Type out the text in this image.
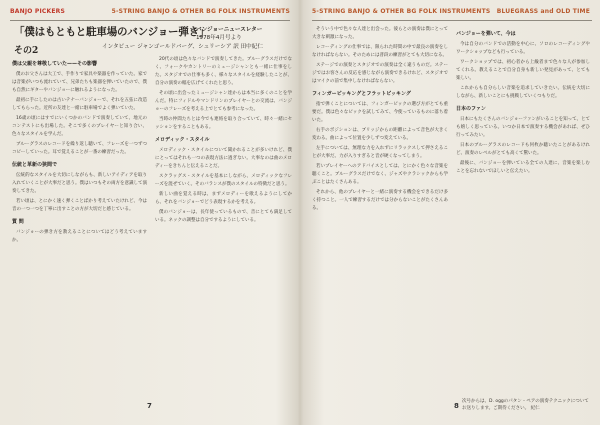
BANJO PICKERS	5-STRING BANJO & OTHER BG FOLK INSTRUMENTS
「僕はもともと駐車場のバンジョー弾き」
その2
バンジョーニュースレター
1978年4月号より
インタビュー ジャンゴールドバーグ、シュリーシア 訳 田中紀仁

僕は父親を尊敬していた——その影響

僕のお父さんは大工で、手作りで家具や楽器を作っていた。家では音楽がいつも流れていて、兄弟たちも楽器を弾いていたので、僕も自然にギターやバンジョーに触れるようになった。

最初に手にしたのは古いテナーバンジョーで、それを五弦に改造してもらった。近所の友達と一緒に駐車場でよく弾いていた。

16歳の頃にはすでにいくつかのバンドで演奏していて、地元のコンテストにも出場した。そこで多くのプレイヤーと知り合い、色々なスタイルを学んだ。

ブルーグラスのレコードを繰り返し聴いて、フレーズを一つずつコピーしていった。耳で覚えることが一番の練習だった。

伝統と革新の狭間で

伝統的なスタイルを大切にしながらも、新しいアイディアを取り入れていくことが大事だと思う。僕はいつもその両方を意識して演奏してきた。

若い頃は、とにかく速く弾くことばかり考えていたけれど、今は音の一つ一つを丁寧に出すことの方が大切だと感じている。

質 問

バンジョーの弾き方を教えることについてはどう考えていますか。

20代の頃は色々なバンドで演奏してきた。ブルーグラスだけでなく、フォークやカントリーのミュージシャンとも一緒に仕事をした。スタジオでの仕事も多く、様々なスタイルを経験したことが、自分の演奏の幅を広げてくれたと思う。

その頃に出会ったミュージシャン達からは本当に多くのことを学んだ。特にフィドルやマンドリンのプレイヤーとの交流は、バンジョーのフレーズを考える上でとても参考になった。

当時の仲間たちとは今でも連絡を取り合っていて、時々一緒にセッションをすることもある。

メロディック・スタイル

メロディック・スタイルについて聞かれることが多いけれど、僕にとってはそれも一つの表現方法に過ぎない。大事なのは曲のメロディーをきちんと伝えることだ。

スクラッグス・スタイルを基本にしながら、メロディックなフレーズを混ぜていく。そのバランスが僕のスタイルの特徴だと思う。

新しい曲を覚える時は、まずメロディーを歌えるようにしてから、それをバンジョーでどう表現するかを考える。

僕のバンジョーは、長年使っているもので、音にとても満足している。ネックの調整は自分でするようにしている。

7
5-STRING BANJO & OTHER BG FOLK INSTRUMENTS BLUEGRASS and OLD TIME

そういう中で色々な人達と出会った。彼らとの演奏は僕にとって大きな刺激になった。

レコーディングの仕事では、限られた時間の中で最良の演奏をしなければならない。そのためには普段の練習がとても大切になる。

ステージでの演奏とスタジオでの演奏は全く違うものだ。ステージではお客さんの反応を感じながら演奏できるけれど、スタジオではマイクの前で集中しなければならない。

フィンガーピッキングとフラットピッキング

指で弾くことについては、フィンガーピックの選び方がとても重要だ。僕は色々なピックを試してみて、今使っているものに落ち着いた。

右手のポジションは、ブリッジからの距離によって音色が大きく変わる。曲によって位置を少しずつ変えている。

左手については、無理な力を入れずにリラックスして押さえることが大事だ。力が入りすぎると音が硬くなってしまう。

若いプレイヤーへのアドバイスとしては、とにかく色々な音楽を聴くこと。ブルーグラスだけでなく、ジャズやクラシックからも学ぶことはたくさんある。

それから、他のプレイヤーと一緒に演奏する機会をできるだけ多く持つこと。一人で練習するだけでは分からないことがたくさんある。

バンジョーを弾いて、今は

今は自分のバンドでの活動を中心に、ソロのレコーディングやワークショップなども行っている。

ワークショップでは、初心者から上級者まで色々な人が参加してくれる。教えることで自分自身も新しい発見があって、とても楽しい。

これからも自分らしい音楽を追求していきたい。伝統を大切にしながら、新しいことにも挑戦していくつもりだ。

日本のファン

日本にもたくさんのバンジョーファンがいることを知って、とても嬉しく思っている。いつか日本で演奏する機会があれば、ぜひ行ってみたい。

日本のブルーグラスのレコードも何枚か聴いたことがあるけれど、演奏のレベルがとても高くて驚いた。

最後に、バンジョーを弾いている全ての人達に、音楽を楽しむことを忘れないでほしいと伝えたい。

次号からは、D. oggのパタン・ペアの演奏テクニックについてお送りします。ご期待ください。 紀仁
8
